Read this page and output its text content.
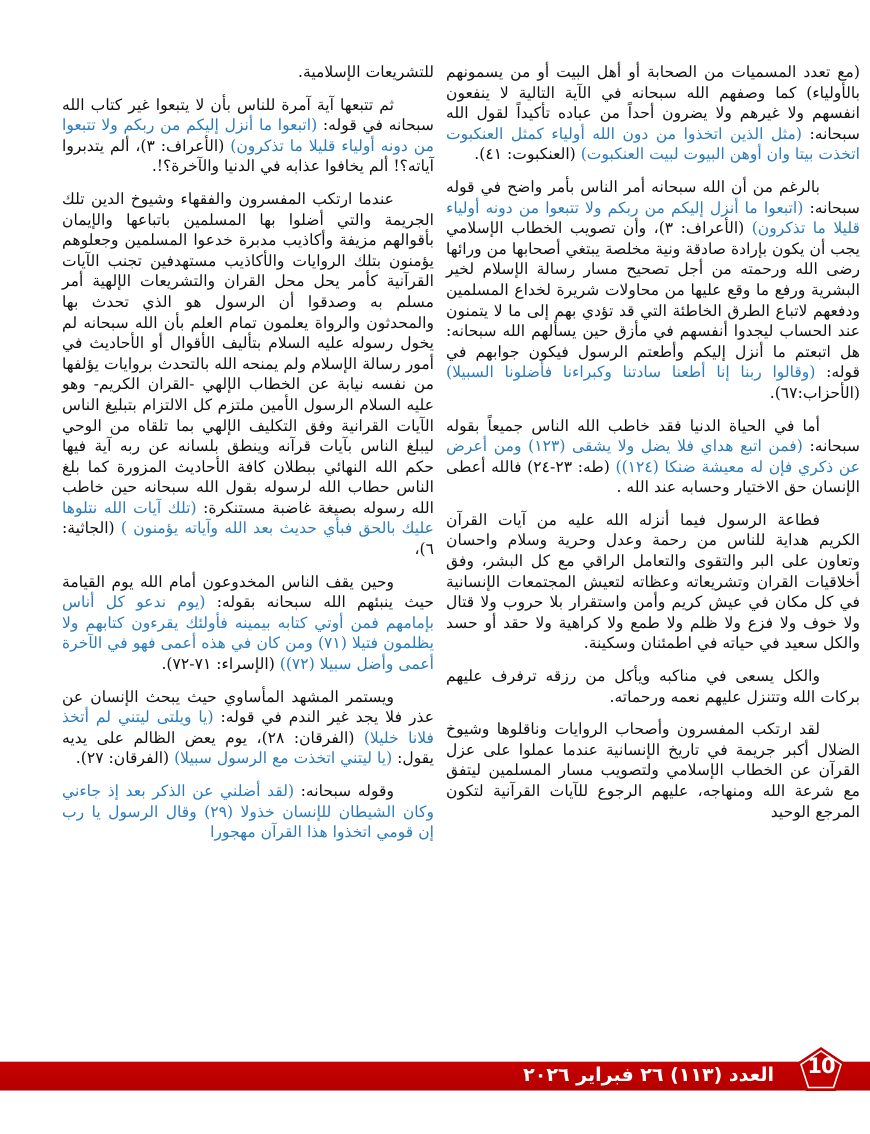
(مع تعدد المسميات من الصحابة أو أهل البيت أو من يسمونهم بالأولياء) كما وصفهم الله سبحانه في الآية التالية لا ينفعون انفسهم ولا غيرهم ولا يضرون أحداً من عباده تأكيداً لقول الله سبحانه: (مثل الذين اتخذوا من دون الله أولياء كمثل العنكبوت اتخذت بيتا وان أوهن البيوت لبيت العنكبوت) (العنكبوت: ٤١).

بالرغم من أن الله سبحانه أمر الناس بأمر واضح في قوله سبحانه: (اتبعوا ما أنزل إليكم من ربكم ولا تتبعوا من دونه أولياء قليلا ما تذكرون) (الأعراف: ٣)، وأن تصويب الخطاب الإسلامي يجب أن يكون بإرادة صادقة ونية مخلصة يبتغي أصحابها من ورائها رضى الله ورحمته من أجل تصحيح مسار رسالة الإسلام لخير البشرية ورفع ما وقع عليها من محاولات شريرة لخداع المسلمين ودفعهم لاتباع الطرق الخاطئة التي قد تؤدي بهم إلى ما لا يتمنون عند الحساب ليجدوا أنفسهم في مأزق حين يسألهم الله سبحانه: هل اتبعتم ما أنزل إليكم وأطعتم الرسول فيكون جوابهم في قوله: (وقالوا ربنا إنا أطعنا سادتنا وكبراءنا فأضلونا السبيلا) (الأحزاب:٦٧).

أما في الحياة الدنيا فقد خاطب الله الناس جميعاً بقوله سبحانه: (فمن اتبع هداي فلا يضل ولا يشقى (١٢٣) ومن أعرض عن ذكري فإن له معيشة ضنكا (١٢٤)) (طه: ٢٣-٢٤) فالله أعطى الإنسان حق الاختيار وحسابه عند الله .

فطاعة الرسول فيما أنزله الله عليه من آيات القرآن الكريم هداية للناس من رحمة وعدل وحرية وسلام واحسان وتعاون على البر والتقوى والتعامل الراقي مع كل البشر، وفق أخلاقيات القران وتشريعاته وعظاته لتعيش المجتمعات الإنسانية في كل مكان في عيش كريم وأمن واستقرار بلا حروب ولا قتال ولا خوف ولا فزع ولا ظلم ولا طمع ولا كراهية ولا حقد أو حسد والكل سعيد في حياته في اطمئنان وسكينة.

والكل يسعى في مناكبه ويأكل من رزقه ترفرف عليهم بركات الله وتتنزل عليهم نعمه ورحماته.

لقد ارتكب المفسرون وأصحاب الروايات وناقلوها وشيوخ الضلال أكبر جريمة في تاريخ الإنسانية عندما عملوا على عزل القرآن عن الخطاب الإسلامي ولتصويب مسار المسلمين ليتفق مع شرعة الله ومنهاجه، عليهم الرجوع للآيات القرآنية لتكون المرجع الوحيد

للتشريعات الإسلامية.

ثم تتبعها آية آمرة للناس بأن لا يتبعوا غير كتاب الله سبحانه في قوله: (اتبعوا ما أنزل إليكم من ربكم ولا تتبعوا من دونه أولياء قليلا ما تذكرون) (الأعراف: ٣)، ألم يتدبروا آياته؟! ألم يخافوا عذابه في الدنيا والآخرة؟!.

عندما ارتكب المفسرون والفقهاء وشيوخ الدين تلك الجريمة والتي أضلوا بها المسلمين باتباعها والإيمان بأقوالهم مزيفة وأكاذيب مدبرة خدعوا المسلمين وجعلوهم يؤمنون بتلك الروايات والأكاذيب مستهدفين تجنب الآيات القرآنية كأمر يحل محل القران والتشريعات الإلهية أمر مسلم به وصدقوا أن الرسول هو الذي تحدث بها والمحدثون والرواة يعلمون تمام العلم بأن الله سبحانه لم يخول رسوله عليه السلام بتأليف الأقوال أو الأحاديث في أمور رسالة الإسلام ولم يمنحه الله بالتحدث بروايات يؤلفها من نفسه نيابة عن الخطاب الإلهي -القران الكريم- وهو عليه السلام الرسول الأمين ملتزم كل الالتزام بتبليغ الناس الآيات القرانية وفق التكليف الإلهي بما تلقاه من الوحي ليبلغ الناس بآيات قرآنه وينطق بلسانه عن ربه آية فيها حكم الله النهائي ببطلان كافة الأحاديث المزورة كما بلغ الناس حطاب الله لرسوله بقول الله سبحانه حين خاطب الله رسوله بصيغة غاضبة مستنكرة: (تلك آيات الله نتلوها عليك بالحق فبأي حديث بعد الله وآياته يؤمنون ) (الجاثية: ٦)،

وحين يقف الناس المخدوعون أمام الله يوم القيامة حيث ينبئهم الله سبحانه بقوله: (يوم ندعو كل أناس بإمامهم فمن أوتي كتابه بيمينه فأولئك يقرءون كتابهم ولا يظلمون فتيلا (٧١) ومن كان في هذه أعمى فهو في الآخرة أعمى وأضل سبيلا (٧٢)) (الإسراء: ٧١-٧٢).

ويستمر المشهد المأساوي حيث يبحث الإنسان عن عذر فلا يجد غير الندم في قوله: (يا ويلتى ليتني لم أتخذ فلانا خليلا) (الفرقان: ٢٨)، يوم يعض الظالم على يديه يقول: (يا ليتني اتخذت مع الرسول سبيلا) (الفرقان: ٢٧).

وقوله سبحانه: (لقد أضلني عن الذكر بعد إذ جاءني وكان الشيطان للإنسان خذولا (٢٩) وقال الرسول يا رب إن قومي اتخذوا هذا القرآن مهجورا

العدد (١١٣) ٢٦ فبراير ٢٠٢٦	10
